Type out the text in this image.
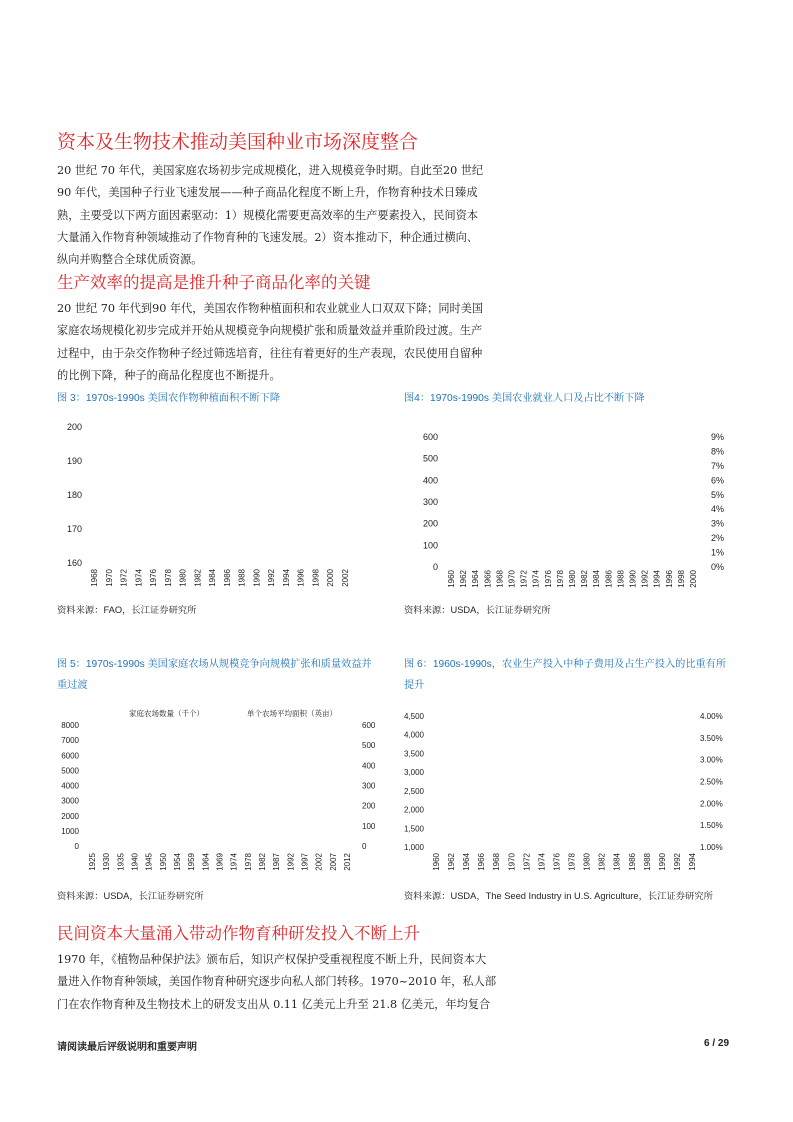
资本及生物技术推动美国种业市场深度整合
20 世纪 70 年代，美国家庭农场初步完成规模化，进入规模竞争时期。自此至20 世纪
90 年代，美国种子行业飞速发展——种子商品化程度不断上升，作物育种技术日臻成
熟，主要受以下两方面因素驱动：1）规模化需要更高效率的生产要素投入，民间资本
大量涌入作物育种领域推动了作物育种的飞速发展。2）资本推动下，种企通过横向、
纵向并购整合全球优质资源。
生产效率的提高是推升种子商品化率的关键
20 世纪 70 年代到90 年代，美国农作物种植面积和农业就业人口双双下降；同时美国
家庭农场规模化初步完成并开始从规模竞争向规模扩张和质量效益并重阶段过渡。生产
过程中，由于杂交作物种子经过筛选培育，往往有着更好的生产表现，农民使用自留种
的比例下降，种子的商品化程度也不断提升。
图 3：1970s-1990s 美国农作物种植面积不断下降
200
190
180
170
160
1968 1970 1972 1974 1976 1978 1980 1982 1984 1986 1988 1990 1992 1994 1996 1998 2000 2002
资料来源：FAO，长江证券研究所
图4：1970s-1990s 美国农业就业人口及占比不断下降
600
500
400
300
200
100
0
9%
8%
7%
6%
5%
4%
3%
2%
1%
0%
1960 1962 1964 1966 1968 1970 1972 1974 1976 1978 1980 1982 1984 1986 1988 1990 1992 1994 1996 1998 2000
资料来源：USDA，长江证券研究所
图 5：1970s-1990s 美国家庭农场从规模竞争向规模扩张和质量效益并
重过渡
家庭农场数量（千个）	单个农场平均面积（英亩）
8000
7000
6000
5000
4000
3000
2000
1000
0
600
500
400
300
200
100
0
1925 1930 1935 1940 1945 1950 1954 1959 1964 1969 1974 1978 1982 1987 1992 1997 2002 2007 2012
资料来源：USDA，长江证券研究所
图 6：1960s-1990s，农业生产投入中种子费用及占生产投入的比重有所
提升
4,500
4,000
3,500
3,000
2,500
2,000
1,500
1,000
4.00%
3.50%
3.00%
2.50%
2.00%
1.50%
1.00%
1960 1962 1964 1966 1968 1970 1972 1974 1976 1978 1980 1982 1984 1986 1988 1990 1992 1994
资料来源：USDA，The Seed Industry in U.S. Agriculture，长江证券研究所
民间资本大量涌入带动作物育种研发投入不断上升
1970 年，《植物品种保护法》颁布后，知识产权保护受重视程度不断上升，民间资本大
量进入作物育种领域，美国作物育种研究逐步向私人部门转移。1970~2010 年，私人部
门在农作物育种及生物技术上的研发支出从 0.11 亿美元上升至 21.8 亿美元，年均复合
请阅读最后评级说明和重要声明	6 / 29
